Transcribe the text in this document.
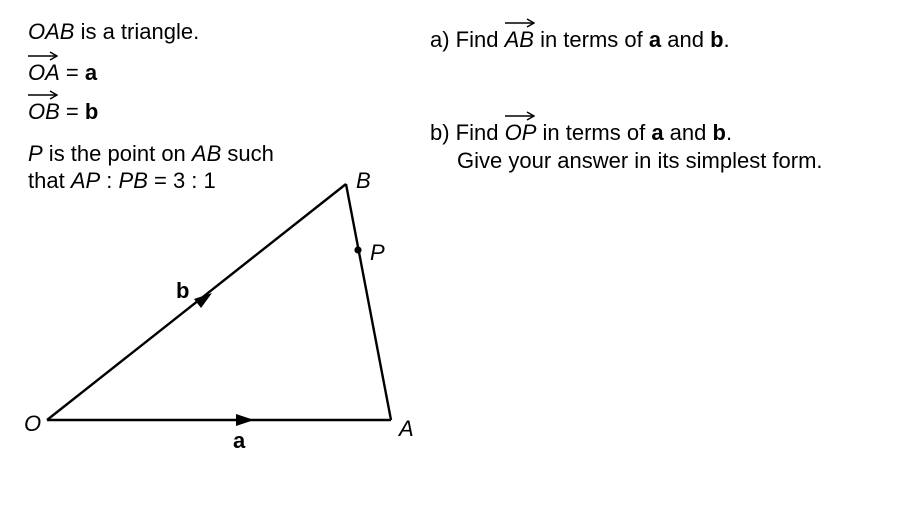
OAB is a triangle.
OA = a
OB = b
P is the point on AB such
that AP : PB = 3 : 1
a) Find
AB in terms of a and b.
b) Find
OP in terms of a and b.
Give your answer in its simplest form.
O	A
B
P
a
b
